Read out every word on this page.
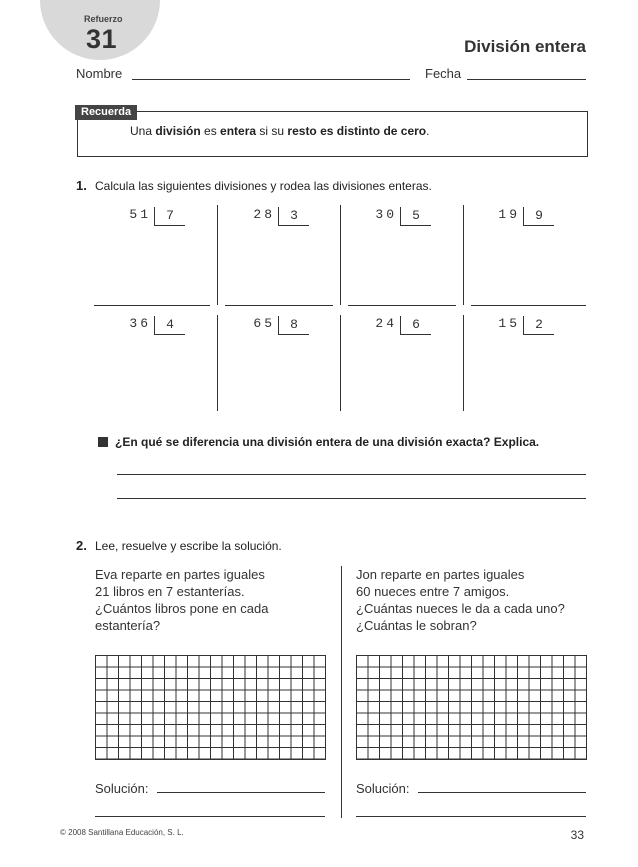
Refuerzo
31	División entera
Nombre	Fecha
Recuerda
Una división es entera si su resto es distinto de cero.
1. Calcula las siguientes divisiones y rodea las divisiones enteras.
51	7	28	3	30	5	19	9
36	4	65	8	24	6	15	2
¿En qué se diferencia una división entera de una división exacta? Explica.
2. Lee, resuelve y escribe la solución.
Eva reparte en partes iguales
21 libros en 7 estanterías.
¿Cuántos libros pone en cada
estantería?
Solución:
Jon reparte en partes iguales
60 nueces entre 7 amigos.
¿Cuántas nueces le da a cada uno?
¿Cuántas le sobran?
Solución:
© 2008 Santillana Educación, S. L.	33
